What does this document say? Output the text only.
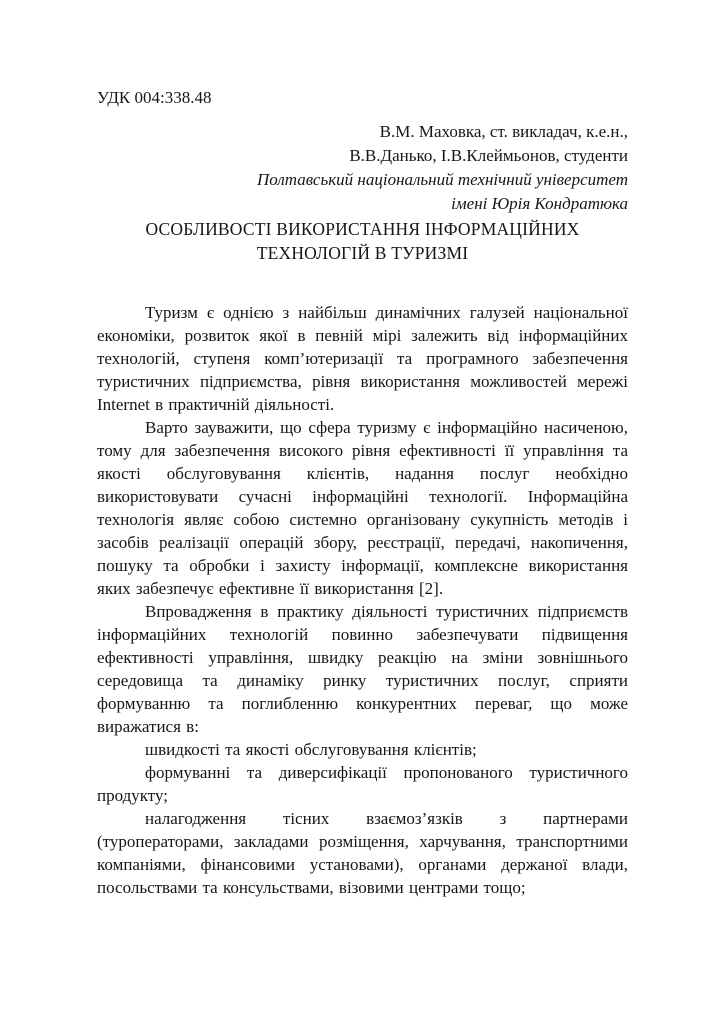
УДК 004:338.48
В.М. Маховка, ст. викладач, к.е.н.,
В.В.Данько, І.В.Клеймьонов, студенти
Полтавський національний технічний університет
імені Юрія Кондратюка
ОСОБЛИВОСТІ ВИКОРИСТАННЯ ІНФОРМАЦІЙНИХ
ТЕХНОЛОГІЙ В ТУРИЗМІ

Туризм є однією з найбільш динамічних галузей національної економіки, розвиток якої в певній мірі залежить від інформаційних технологій, ступеня комп’ютеризації та програмного забезпечення туристичних підприємства, рівня використання можливостей мережі Internet в практичній діяльності.

Варто зауважити, що сфера туризму є інформаційно насиченою, тому для забезпечення високого рівня ефективності її управління та якості обслуговування клієнтів, надання послуг необхідно використовувати сучасні інформаційні технології. Інформаційна технологія являє собою системно організовану сукупність методів і засобів реалізації операцій збору, реєстрації, передачі, накопичення, пошуку та обробки і захисту інформації, комплексне використання яких забезпечує ефективне її використання [2].

Впровадження в практику діяльності туристичних підприємств інформаційних технологій повинно забезпечувати підвищення ефективності управління, швидку реакцію на зміни зовнішнього середовища та динаміку ринку туристичних послуг, сприяти формуванню та поглибленню конкурентних переваг, що може виражатися в:

швидкості та якості обслуговування клієнтів;

формуванні та диверсифікації пропонованого туристичного продукту;

налагодження тісних взаємоз’язків з партнерами (туроператорами, закладами розміщення, харчування, транспортними компаніями, фінансовими установами), органами держаної влади, посольствами та консульствами, візовими центрами тощо;
